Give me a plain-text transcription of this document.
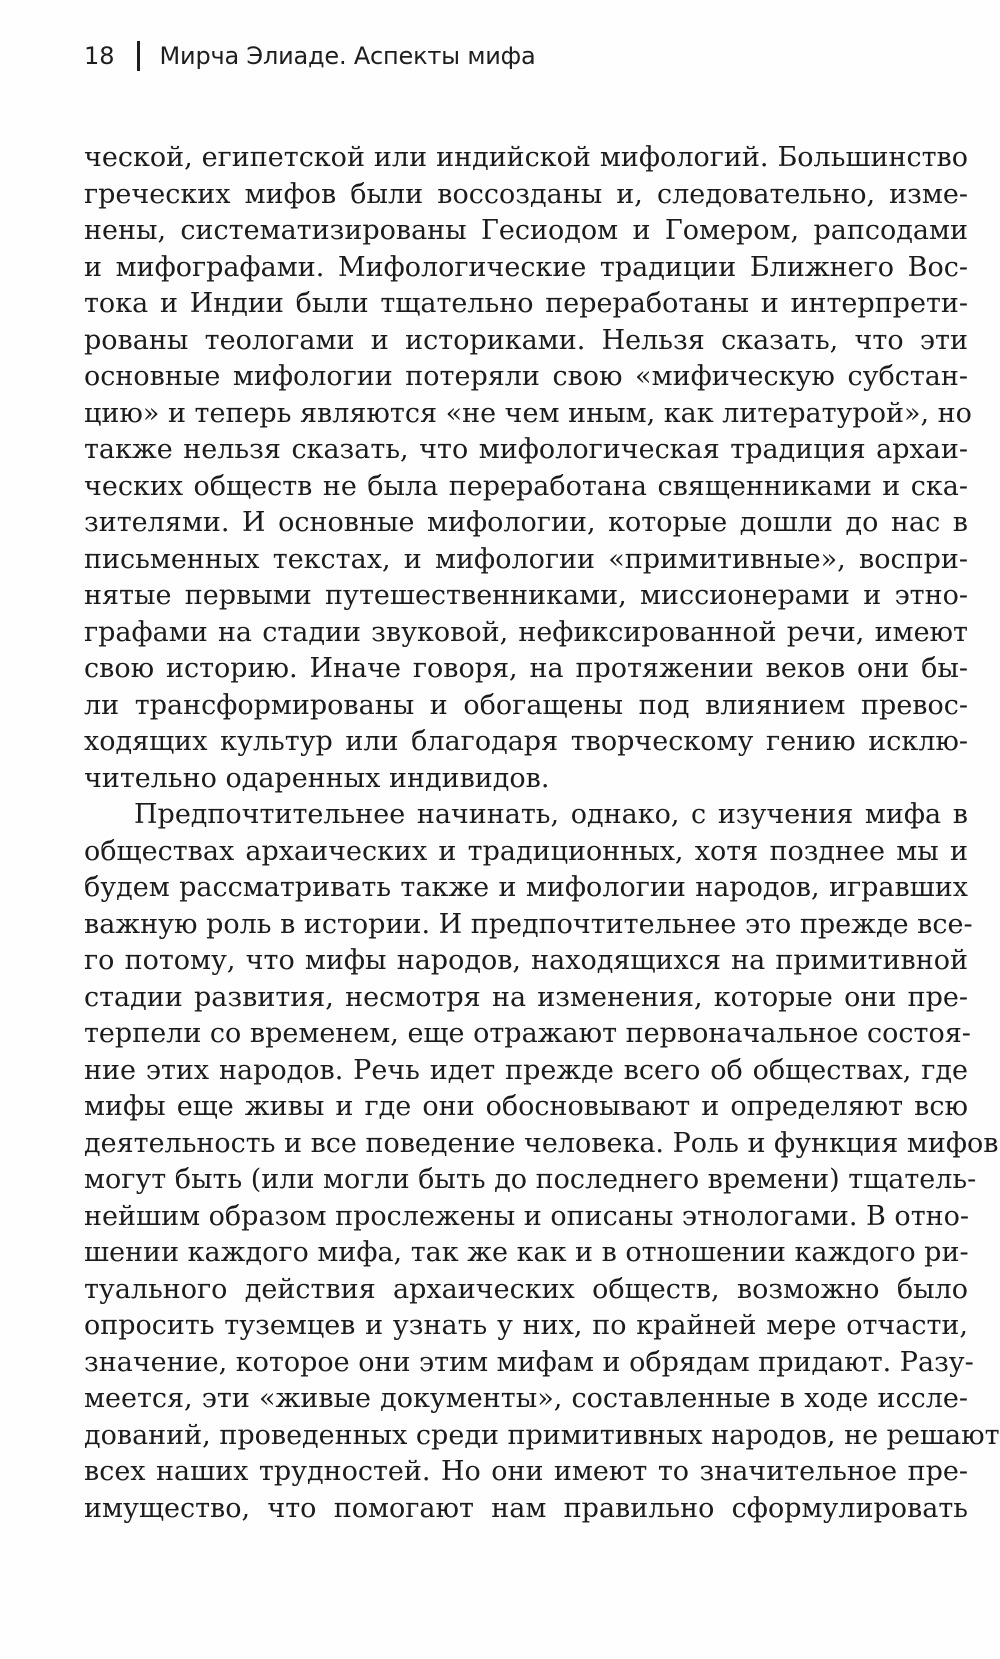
18 Мирча Элиаде. Аспекты мифа
ческой, египетской или индийской мифологий. Большинство
греческих мифов были воссозданы и, следовательно, изме-
нены, систематизированы Гесиодом и Гомером, рапсодами
и мифографами. Мифологические традиции Ближнего Вос-
тока и Индии были тщательно переработаны и интерпрети-
рованы теологами и историками. Нельзя сказать, что эти
основные мифологии потеряли свою «мифическую субстан-
цию» и теперь являются «не чем иным, как литературой», но
также нельзя сказать, что мифологическая традиция архаи-
ческих обществ не была переработана священниками и ска-
зителями. И основные мифологии, которые дошли до нас в
письменных текстах, и мифологии «примитивные», воспри-
нятые первыми путешественниками, миссионерами и этно-
графами на стадии звуковой, нефиксированной речи, имеют
свою историю. Иначе говоря, на протяжении веков они бы-
ли трансформированы и обогащены под влиянием превос-
ходящих культур или благодаря творческому гению исклю-
чительно одаренных индивидов.
Предпочтительнее начинать, однако, с изучения мифа в
обществах архаических и традиционных, хотя позднее мы и
будем рассматривать также и мифологии народов, игравших
важную роль в истории. И предпочтительнее это прежде все-
го потому, что мифы народов, находящихся на примитивной
стадии развития, несмотря на изменения, которые они пре-
терпели со временем, еще отражают первоначальное состоя-
ние этих народов. Речь идет прежде всего об обществах, где
мифы еще живы и где они обосновывают и определяют всю
деятельность и все поведение человека. Роль и функция мифов
могут быть (или могли быть до последнего времени) тщатель-
нейшим образом прослежены и описаны этнологами. В отно-
шении каждого мифа, так же как и в отношении каждого ри-
туального действия архаических обществ, возможно было
опросить туземцев и узнать у них, по крайней мере отчасти,
значение, которое они этим мифам и обрядам придают. Разу-
меется, эти «живые документы», составленные в ходе иссле-
дований, проведенных среди примитивных народов, не решают
всех наших трудностей. Но они имеют то значительное пре-
имущество, что помогают нам правильно сформулировать
